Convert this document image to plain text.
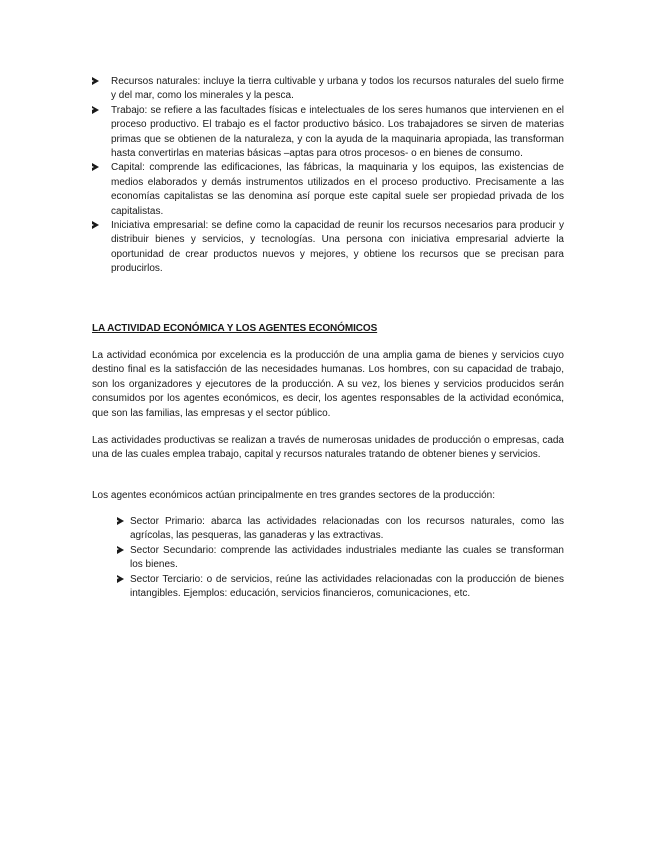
Recursos naturales: incluye la tierra cultivable y urbana y todos los recursos naturales del suelo firme y del mar, como los minerales y la pesca.
Trabajo: se refiere a las facultades físicas e intelectuales de los seres humanos que intervienen en el proceso productivo. El trabajo es el factor productivo básico. Los trabajadores se sirven de materias primas que se obtienen de la naturaleza, y con la ayuda de la maquinaria apropiada, las transforman hasta convertirlas en materias básicas –aptas para otros procesos- o en bienes de consumo.
Capital: comprende las edificaciones, las fábricas, la maquinaria y los equipos, las existencias de medios elaborados y demás instrumentos utilizados en el proceso productivo. Precisamente a las economías capitalistas se las denomina así porque este capital suele ser propiedad privada de los capitalistas.
Iniciativa empresarial: se define como la capacidad de reunir los recursos necesarios para producir y distribuir bienes y servicios, y tecnologías. Una persona con iniciativa empresarial advierte la oportunidad de crear productos nuevos y mejores, y obtiene los recursos que se precisan para producirlos.
LA ACTIVIDAD ECONÓMICA Y LOS AGENTES ECONÓMICOS

La actividad económica por excelencia es la producción de una amplia gama de bienes y servicios cuyo destino final es la satisfacción de las necesidades humanas. Los hombres, con su capacidad de trabajo, son los organizadores y ejecutores de la producción. A su vez, los bienes y servicios producidos serán consumidos por los agentes económicos, es decir, los agentes responsables de la actividad económica, que son las familias, las empresas y el sector público.

Las actividades productivas se realizan a través de numerosas unidades de producción o empresas, cada una de las cuales emplea trabajo, capital y recursos naturales tratando de obtener bienes y servicios.

Los agentes económicos actúan principalmente en tres grandes sectores de la producción:

Sector Primario: abarca las actividades relacionadas con los recursos naturales, como las agrícolas, las pesqueras, las ganaderas y las extractivas.
Sector Secundario: comprende las actividades industriales mediante las cuales se transforman los bienes.
Sector Terciario: o de servicios, reúne las actividades relacionadas con la producción de bienes intangibles. Ejemplos: educación, servicios financieros, comunicaciones, etc.
